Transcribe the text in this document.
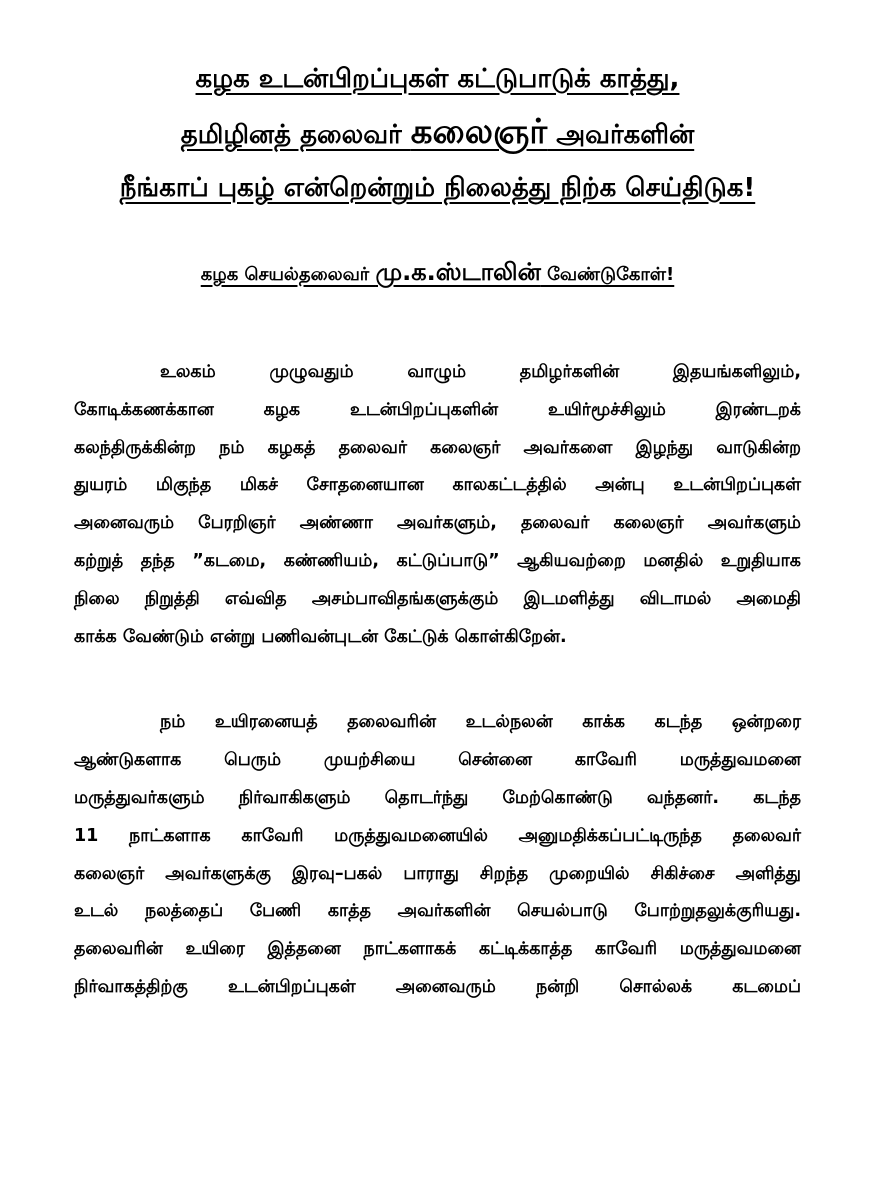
கழக உடன்பிறப்புகள் கட்டுபாடுக் காத்து,

தமிழினத் தலைவர் கலைஞர் அவர்களின்

நீங்காப் புகழ் என்றென்றும் நிலைத்து நிற்க செய்திடுக!

கழக செயல்தலைவர் மு.க.ஸ்டாலின் வேண்டுகோள்!

உலகம் முழுவதும் வாழும் தமிழர்களின் இதயங்களிலும்,
கோடிக்கணக்கான கழக உடன்பிறப்புகளின் உயிர்மூச்சிலும் இரண்டறக்
கலந்திருக்கின்ற நம் கழகத் தலைவர் கலைஞர் அவர்களை இழந்து வாடுகின்ற
துயரம் மிகுந்த மிகச் சோதனையான காலகட்டத்தில் அன்பு உடன்பிறப்புகள்
அனைவரும் பேரறிஞர் அண்ணா அவர்களும், தலைவர் கலைஞர் அவர்களும்
கற்றுத் தந்த ”கடமை, கண்ணியம், கட்டுப்பாடு” ஆகியவற்றை மனதில் உறுதியாக
நிலை நிறுத்தி எவ்வித அசம்பாவிதங்களுக்கும் இடமளித்து விடாமல் அமைதி
காக்க வேண்டும் என்று பணிவன்புடன் கேட்டுக் கொள்கிறேன்.
நம் உயிரனையத் தலைவரின் உடல்நலன் காக்க கடந்த ஒன்றரை
ஆண்டுகளாக பெரும் முயற்சியை சென்னை காவேரி மருத்துவமனை
மருத்துவர்களும் நிர்வாகிகளும் தொடர்ந்து மேற்கொண்டு வந்தனர். கடந்த
11 நாட்களாக காவேரி மருத்துவமனையில் அனுமதிக்கப்பட்டிருந்த தலைவர்
கலைஞர் அவர்களுக்கு இரவு–பகல் பாராது சிறந்த முறையில் சிகிச்சை அளித்து
உடல் நலத்தைப் பேணி காத்த அவர்களின் செயல்பாடு போற்றுதலுக்குரியது.
தலைவரின் உயிரை இத்தனை நாட்களாகக் கட்டிக்காத்த காவேரி மருத்துவமனை
நிர்வாகத்திற்கு உடன்பிறப்புகள் அனைவரும் நன்றி சொல்லக் கடமைப்
